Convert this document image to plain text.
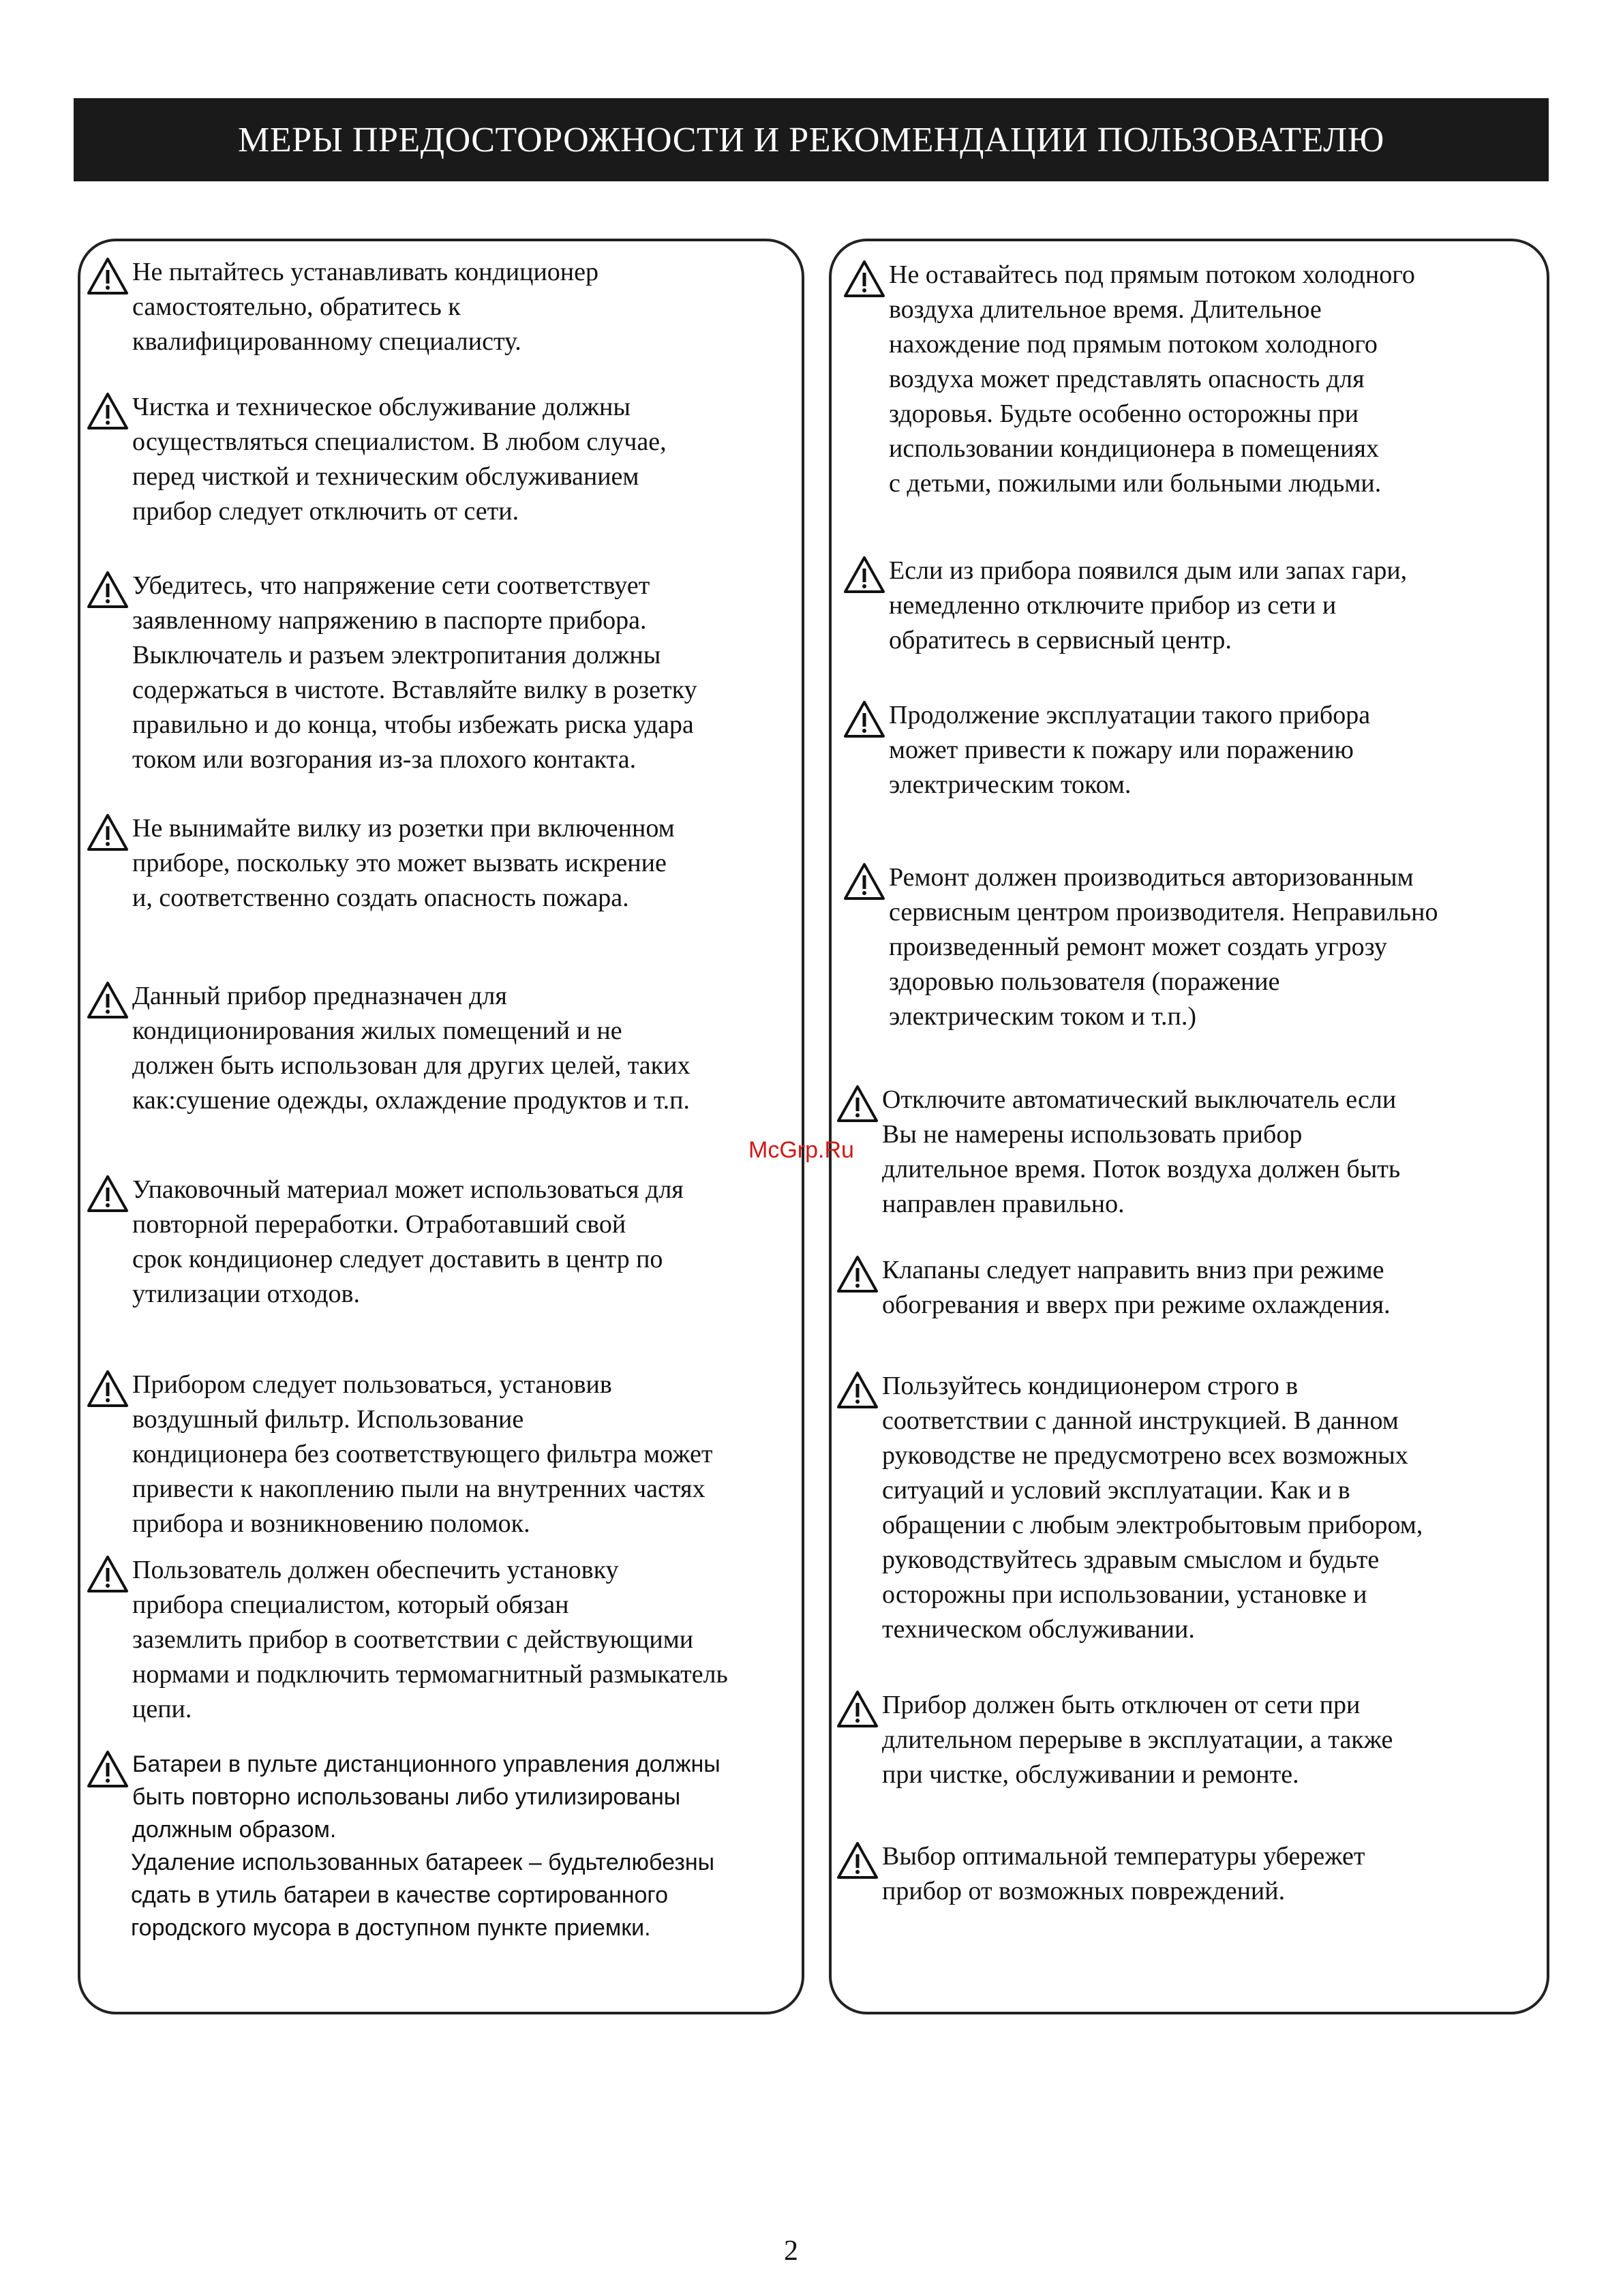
МЕРЫ ПРЕДОСТОРОЖНОСТИ И РЕКОМЕНДАЦИИ ПОЛЬЗОВАТЕЛЮ
Не пытайтесь устанавливать кондиционер
самостоятельно, обратитесь к
квалифицированному специалисту.
Чистка и техническое обслуживание должны
осуществляться специалистом. В любом случае,
перед чисткой и техническим обслуживанием
прибор следует отключить от сети.
Убедитесь, что напряжение сети соответствует
заявленному напряжению в паспорте прибора.
Выключатель и разъем электропитания должны
содержаться в чистоте. Вставляйте вилку в розетку
правильно и до конца, чтобы избежать риска удара
током или возгорания из-за плохого контакта.
Не вынимайте вилку из розетки при включенном
приборе, поскольку это может вызвать искрение
и, соответственно создать опасность пожара.
Данный прибор предназначен для
кондиционирования жилых помещений и не
должен быть использован для других целей, таких
как:сушение одежды, охлаждение продуктов и т.п.
Упаковочный материал может использоваться для
повторной переработки. Отработавший свой
срок кондиционер следует доставить в центр по
утилизации отходов.
Прибором следует пользоваться, установив
воздушный фильтр. Использование
кондиционера без соответствующего фильтра может
привести к накоплению пыли на внутренних частях
прибора и возникновению поломок.
Пользователь должен обеспечить установку
прибора специалистом, который обязан
заземлить прибор в соответствии с действующими
нормами и подключить термомагнитный размыкатель
цепи.
Батареи в пульте дистанционного управления должны
быть повторно использованы либо утилизированы
должным образом.
Удаление использованных батареек – будьтелюбезны
сдать в утиль батареи в качестве сортированного
городского мусора в доступном пункте приемки.
Не оставайтесь под прямым потоком холодного
воздуха длительное время. Длительное
нахождение под прямым потоком холодного
воздуха может представлять опасность для
здоровья. Будьте особенно осторожны при
использовании кондиционера в помещениях
с детьми, пожилыми или больными людьми.
Если из прибора появился дым или запах гари,
немедленно отключите прибор из сети и
обратитесь в сервисный центр.
Продолжение эксплуатации такого прибора
может привести к пожару или поражению
электрическим током.
Ремонт должен производиться авторизованным
сервисным центром производителя. Неправильно
произведенный ремонт может создать угрозу
здоровью пользователя (поражение
электрическим током и т.п.)
Отключите автоматический выключатель если
Вы не намерены использовать прибор
длительное время. Поток воздуха должен быть
направлен правильно.
Клапаны следует направить вниз при режиме
обогревания и вверх при режиме охлаждения.
Пользуйтесь кондиционером строго в
соответствии с данной инструкцией. В данном
руководстве не предусмотрено всех возможных
ситуаций и условий эксплуатации. Как и в
обращении с любым электробытовым прибором,
руководствуйтесь здравым смыслом и будьте
осторожны при использовании, установке и
техническом обслуживании.
Прибор должен быть отключен от сети при
длительном перерыве в эксплуатации, а также
при чистке, обслуживании и ремонте.
Выбор оптимальной температуры убережет
прибор от возможных повреждений.
McGrp.Ru
2
